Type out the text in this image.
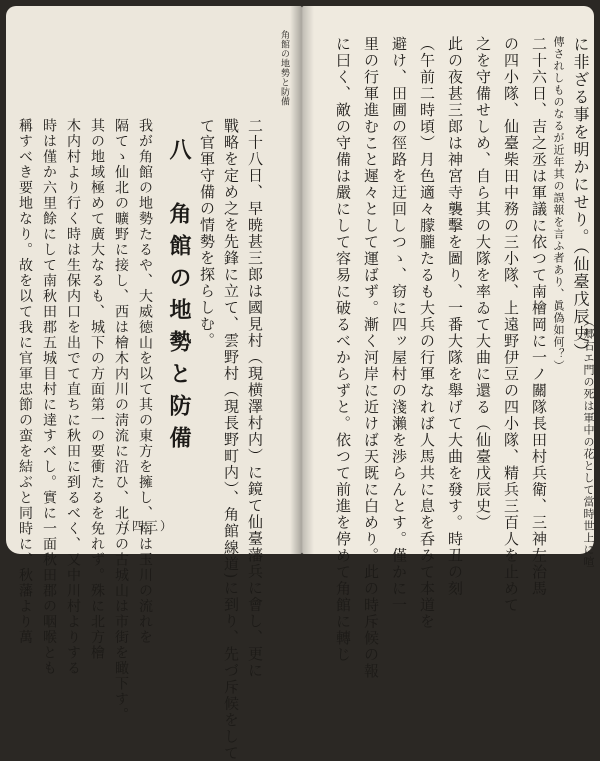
に非ざる事を明かにせり。（仙臺戊辰史）
傳されしものなるが近年其の誤報を言ふ者あり、眞偽如何？）
二十六日、吉之丞は軍議に依つて南檜岡に一ノ關隊長田村兵衛、三神左治馬
の四小隊、仙臺柴田中務の三小隊、上遠野伊豆の四小隊、精兵三百人を止めて
之を守備せしめ、自ら其の大隊を率ゐて大曲に還る（仙臺戊辰史）
此の夜甚三郎は神宮寺襲擊を圖り、一番大隊を舉げて大曲を發す。時丑の刻
（午前二時頃）月色適々朦朧たるも大兵の行軍なれば人馬共に息を呑みて本道を
避け、田圃の徑路を迂回しつゝ、窃に四ッ屋村の淺瀨を渉らんとす。僅かに一
里の行軍進むこと遲々として運ばず。漸く河岸に近けば天既に白めり。此の時斥候の報
に曰く、敵の守備は嚴にして容易に破るべからずと。依つて前進を停めて角館に轉じ	（郷右エ門の死は軍中の花として當時世上に喧
角館の地勢と防備
二十八日、早暁甚三郎は國見村（現横澤村内）に鏡て仙臺藩兵に會し、更に
戰略を定め之を先鋒に立て、雲野村（現長野町内）、角館線道)に到り、先づ斥候をして
て官軍守備の情勢を探らしむ。
八　角館の地勢と防備
我が角館の地勢たるや、大威徳山を以て其の東方を擁し、南は玉川の流れを
隔てゝ仙北の曠野に接し、西は檜木内川の淸流に沿ひ、北方の古城山は市街を瞰下す。
其の地域極めて廣大なるも、城下の方面第一の要衝たるを免れず。殊に北方檜
木内村より行く時は生保内口を出でて直ちに秋田に到るべく、又中川村よりする
時は僅か六里餘にして南秋田郡五城目村に達すべし。實に一面秋田郡の咽喉とも
稱すべき要地なり。故を以て我に官軍忠節の蛮を結ぶと同時に、秋藩より萬	（四三）
